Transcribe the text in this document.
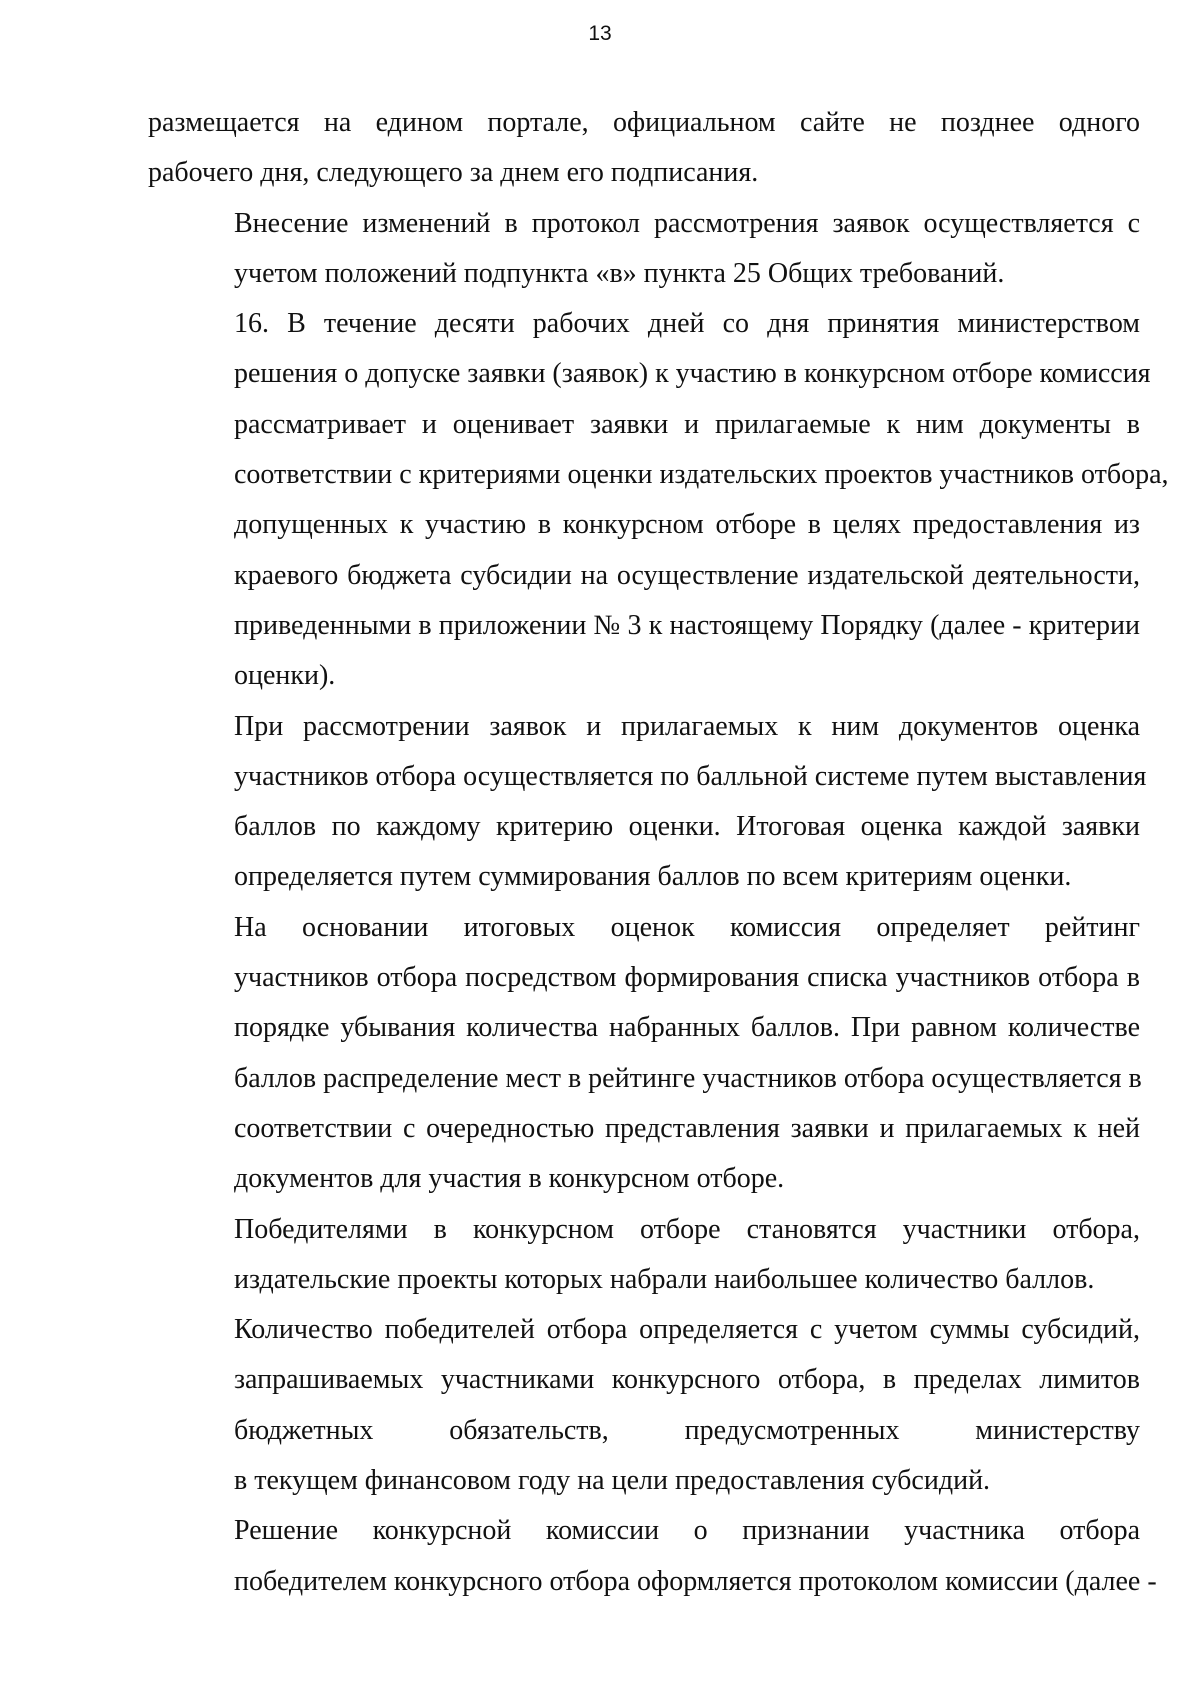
13

размещается на едином портале, официальном сайте не позднее одного
рабочего дня, следующего за днем его подписания.

Внесение изменений в протокол рассмотрения заявок осуществляется с
учетом положений подпункта «в» пункта 25 Общих требований.

16. В течение десяти рабочих дней со дня принятия министерством
решения о допуске заявки (заявок) к участию в конкурсном отборе комиссия
рассматривает и оценивает заявки и прилагаемые к ним документы в
соответствии с критериями оценки издательских проектов участников отбора,
допущенных к участию в конкурсном отборе в целях предоставления из
краевого бюджета субсидии на осуществление издательской деятельности,
приведенными в приложении № 3 к настоящему Порядку (далее - критерии
оценки).

При рассмотрении заявок и прилагаемых к ним документов оценка
участников отбора осуществляется по балльной системе путем выставления
баллов по каждому критерию оценки. Итоговая оценка каждой заявки
определяется путем суммирования баллов по всем критериям оценки.

На основании итоговых оценок комиссия определяет рейтинг
участников отбора посредством формирования списка участников отбора в
порядке убывания количества набранных баллов. При равном количестве
баллов распределение мест в рейтинге участников отбора осуществляется в
соответствии с очередностью представления заявки и прилагаемых к ней
документов для участия в конкурсном отборе.

Победителями в конкурсном отборе становятся участники отбора,
издательские проекты которых набрали наибольшее количество баллов.

Количество победителей отбора определяется с учетом суммы субсидий,
запрашиваемых участниками конкурсного отбора, в пределах лимитов
бюджетных обязательств, предусмотренных министерству
в текущем финансовом году на цели предоставления субсидий.

Решение конкурсной комиссии о признании участника отбора
победителем конкурсного отбора оформляется протоколом комиссии (далее -
